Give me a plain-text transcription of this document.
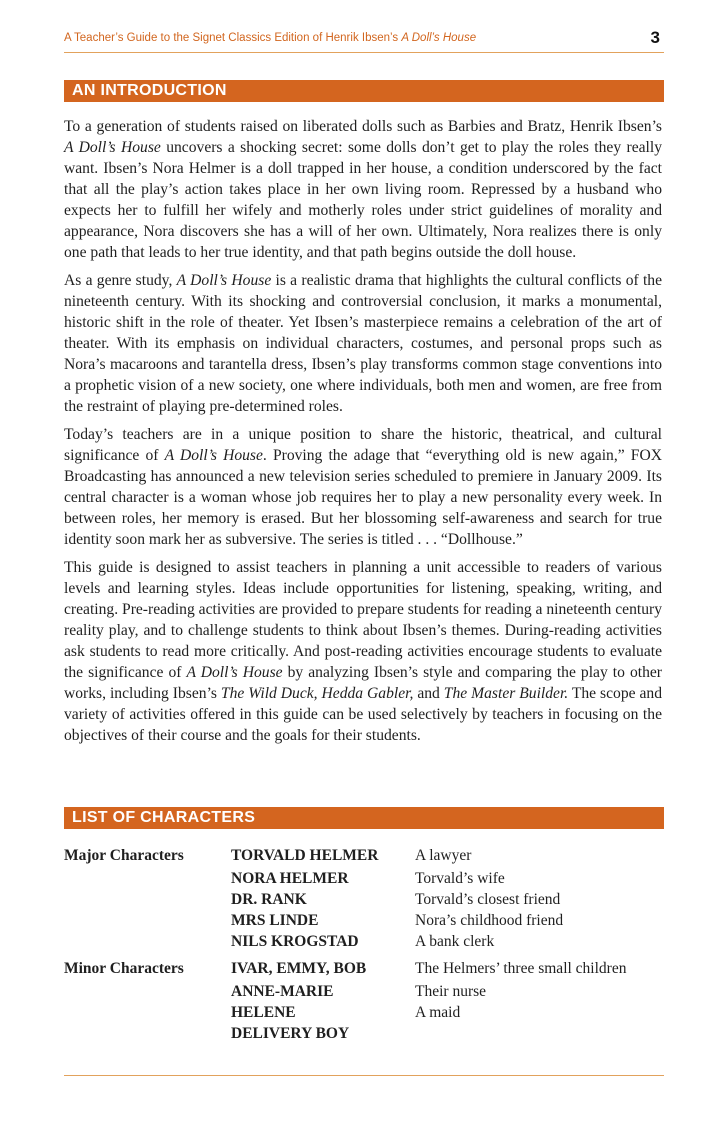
A Teacher’s Guide to the Signet Classics Edition of Henrik Ibsen’s A Doll’s House	3
AN INTRODUCTION

To a generation of students raised on liberated dolls such as Barbies and Bratz, Henrik Ibsen’s A Doll’s House uncovers a shocking secret: some dolls don’t get to play the roles they really want. Ibsen’s Nora Helmer is a doll trapped in her house, a condition underscored by the fact that all the play’s action takes place in her own living room. Repressed by a husband who expects her to fulfill her wifely and motherly roles under strict guidelines of morality and appearance, Nora discovers she has a will of her own. Ultimately, Nora realizes there is only one path that leads to her true identity, and that path begins outside the doll house.

As a genre study, A Doll’s House is a realistic drama that highlights the cultural conflicts of the nineteenth century. With its shocking and controversial conclusion, it marks a monumental, historic shift in the role of theater. Yet Ibsen’s masterpiece remains a celebration of the art of theater. With its emphasis on individual characters, costumes, and personal props such as Nora’s macaroons and tarantella dress, Ibsen’s play transforms common stage conventions into a prophetic vision of a new society, one where individuals, both men and women, are free from the restraint of playing pre-determined roles.

Today’s teachers are in a unique position to share the historic, theatrical, and cultural significance of A Doll’s House. Proving the adage that “everything old is new again,” FOX Broadcasting has announced a new television series scheduled to premiere in January 2009. Its central character is a woman whose job requires her to play a new personality every week. In between roles, her memory is erased. But her blossoming self-awareness and search for true identity soon mark her as subversive. The series is titled . . . “Dollhouse.”

This guide is designed to assist teachers in planning a unit accessible to readers of various levels and learning styles. Ideas include opportunities for listening, speaking, writing, and creating. Pre-reading activities are provided to prepare students for reading a nineteenth century reality play, and to challenge students to think about Ibsen’s themes. During-reading activities ask students to read more critically. And post-reading activities encourage students to evaluate the significance of A Doll’s House by analyzing Ibsen’s style and comparing the play to other works, including Ibsen’s The Wild Duck, Hedda Gabler, and The Master Builder. The scope and variety of activities offered in this guide can be used selectively by teachers in focusing on the objectives of their course and the goals for their students.

LIST OF CHARACTERS
Major Characters	TORVALD HELMER	A lawyer
NORA HELMER	Torvald’s wife
DR. RANK	Torvald’s closest friend
MRS LINDE	Nora’s childhood friend
NILS KROGSTAD	A bank clerk
Minor Characters	IVAR, EMMY, BOB	The Helmers’ three small children
ANNE-MARIE	Their nurse
HELENE	A maid
DELIVERY BOY
